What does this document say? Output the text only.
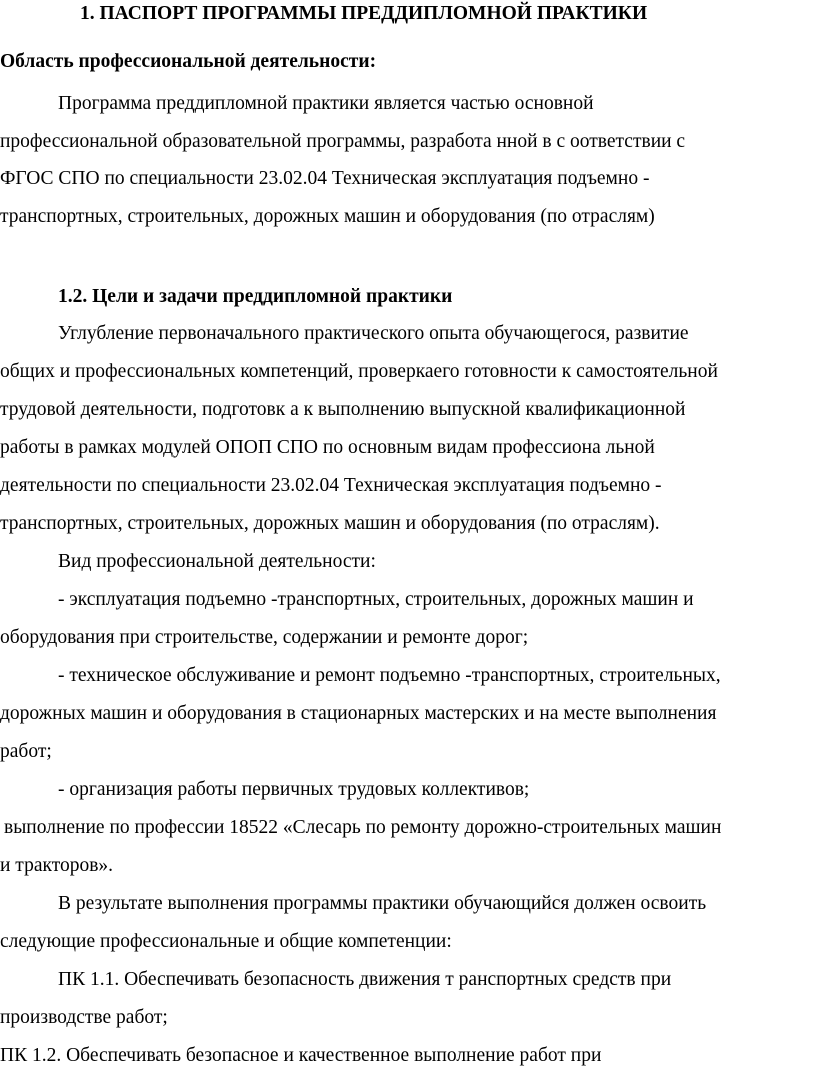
1. ПАСПОРТ ПРОГРАММЫ ПРЕДДИПЛОМНОЙ ПРАКТИКИ
Область профессиональной деятельности:
Программа преддипломной практики является частью основной
профессиональной образовательной программы, разработа нной в с оответствии с
ФГОС СПО по специальности 23.02.04 Техническая эксплуатация подъемно -
транспортных, строительных, дорожных машин и оборудования (по отраслям)
1.2. Цели и задачи преддипломной практики
Углубление первоначального практического опыта обучающегося, развитие
общих и профессиональных компетенций, проверкаего готовности к самостоятельной
трудовой деятельности, подготовк а к выполнению выпускной квалификационной
работы в рамках модулей ОПОП СПО по основным видам профессиона льной
деятельности по специальности 23.02.04 Техническая эксплуатация подъемно -
транспортных, строительных, дорожных машин и оборудования (по отраслям).
Вид профессиональной деятельности:
- эксплуатация подъемно -транспортных, строительных, дорожных машин и
оборудования при строительстве, содержании и ремонте дорог;
- техническое обслуживание и ремонт подъемно -транспортных, строительных,
дорожных машин и оборудования в стационарных мастерских и на месте выполнения
работ;
- организация работы первичных трудовых коллективов;
выполнение по профессии 18522 «Слесарь по ремонту дорожно-строительных машин
и тракторов».
В результате выполнения программы практики обучающийся должен освоить
следующие профессиональные и общие компетенции:
ПК 1.1. Обеспечивать безопасность движения т ранспортных средств при
производстве работ;
ПК 1.2. Обеспечивать безопасное и качественное выполнение работ при
